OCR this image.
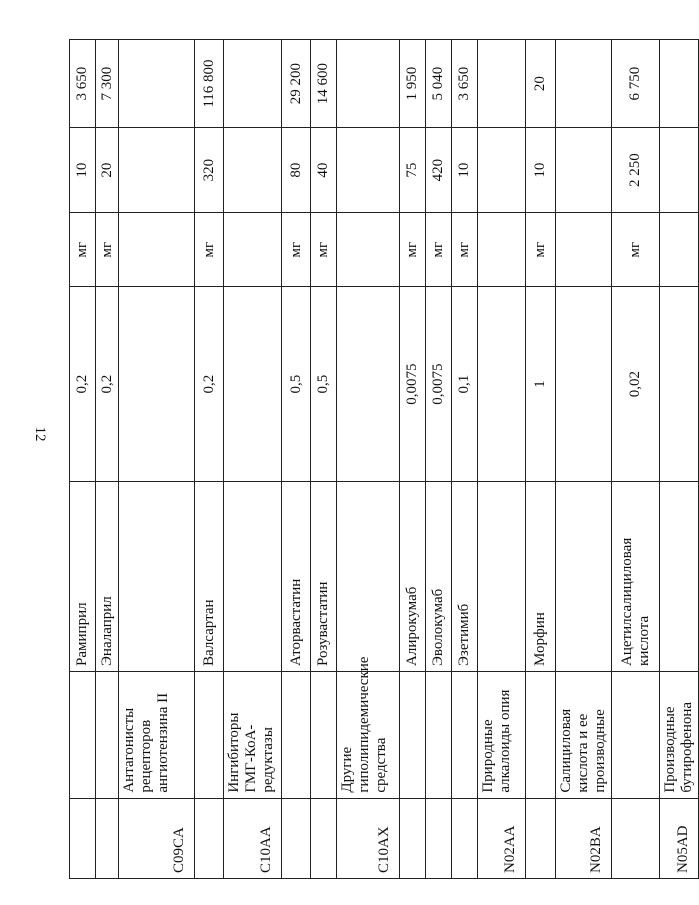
12
		Рамиприл	0,2	мг	10	3 650
		Эналаприл	0,2	мг	20	7 300
C09CA	Антагонисты рецепторов ангиотензина II					
		Валсартан	0,2	мг	320	116 800
C10AA	Ингибиторы ГМГ-КоА-редуктазы					
		Аторвастатин	0,5	мг	80	29 200
		Розувастатин	0,5	мг	40	14 600
C10AX	Другие гиполипидемические средства					
		Алирокумаб	0,0075	мг	75	1 950
		Эволокумаб	0,0075	мг	420	5 040
		Эзетимиб	0,1	мг	10	3 650
N02AA	Природные алкалоиды опия					
		Морфин	1	мг	10	20
N02BA	Салициловая кислота и ее производные					
		Ацетилсалициловая кислота	0,02	мг	2 250	6 750
N05AD	Производные бутирофенона					
